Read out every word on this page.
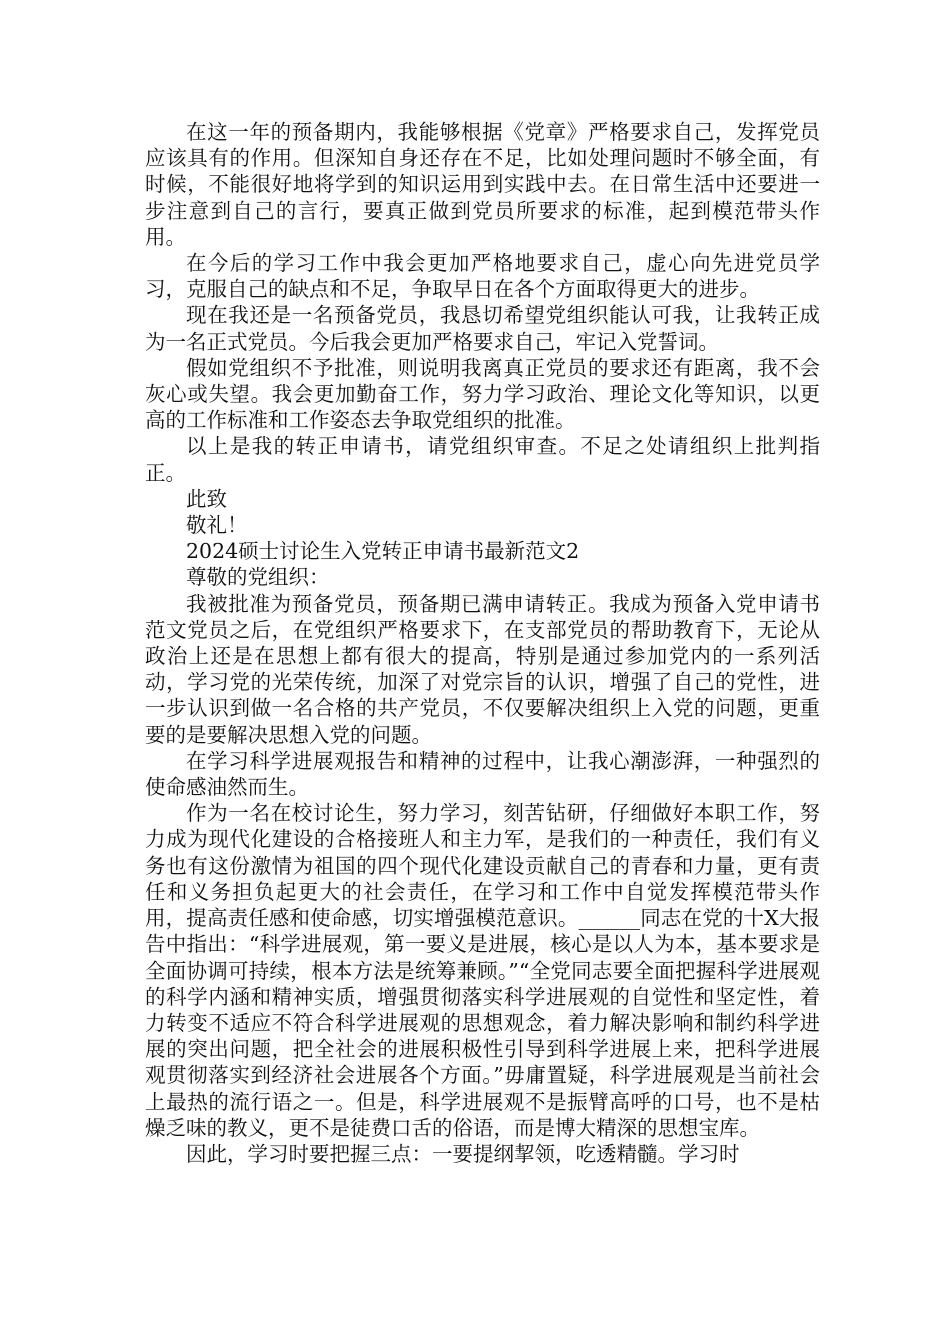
在这一年的预备期内，我能够根据《党章》严格要求自己，发挥党员应该具有的作用。但深知自身还存在不足，比如处理问题时不够全面，有时候，不能很好地将学到的知识运用到实践中去。在日常生活中还要进一步注意到自己的言行，要真正做到党员所要求的标准，起到模范带头作用。

在今后的学习工作中我会更加严格地要求自己，虚心向先进党员学习，克服自己的缺点和不足，争取早日在各个方面取得更大的进步。

现在我还是一名预备党员，我恳切希望党组织能认可我，让我转正成为一名正式党员。今后我会更加严格要求自己，牢记入党誓词。

假如党组织不予批准，则说明我离真正党员的要求还有距离，我不会灰心或失望。我会更加勤奋工作，努力学习政治、理论文化等知识，以更高的工作标准和工作姿态去争取党组织的批准。

以上是我的转正申请书，请党组织审查。不足之处请组织上批判指正。

此致

敬礼！

2024硕士讨论生入党转正申请书最新范文2

尊敬的党组织：

我被批准为预备党员，预备期已满申请转正。我成为预备入党申请书范文党员之后，在党组织严格要求下，在支部党员的帮助教育下，无论从政治上还是在思想上都有很大的提高，特别是通过参加党内的一系列活动，学习党的光荣传统，加深了对党宗旨的认识，增强了自己的党性，进一步认识到做一名合格的共产党员，不仅要解决组织上入党的问题，更重要的是要解决思想入党的问题。

在学习科学进展观报告和精神的过程中，让我心潮澎湃，一种强烈的使命感油然而生。

作为一名在校讨论生，努力学习，刻苦钻研，仔细做好本职工作，努力成为现代化建设的合格接班人和主力军，是我们的一种责任，我们有义务也有这份激情为祖国的四个现代化建设贡献自己的青春和力量，更有责任和义务担负起更大的社会责任，在学习和工作中自觉发挥模范带头作用，提高责任感和使命感，切实增强模范意识。______同志在党的十X大报告中指出：“科学进展观，第一要义是进展，核心是以人为本，基本要求是全面协调可持续，根本方法是统筹兼顾。”“全党同志要全面把握科学进展观的科学内涵和精神实质，增强贯彻落实科学进展观的自觉性和坚定性，着力转变不适应不符合科学进展观的思想观念，着力解决影响和制约科学进展的突出问题，把全社会的进展积极性引导到科学进展上来，把科学进展观贯彻落实到经济社会进展各个方面。”毋庸置疑，科学进展观是当前社会上最热的流行语之一。但是，科学进展观不是振臂高呼的口号，也不是枯燥乏味的教义，更不是徒费口舌的俗语，而是博大精深的思想宝库。

因此，学习时要把握三点：一要提纲挈领，吃透精髓。学习时
